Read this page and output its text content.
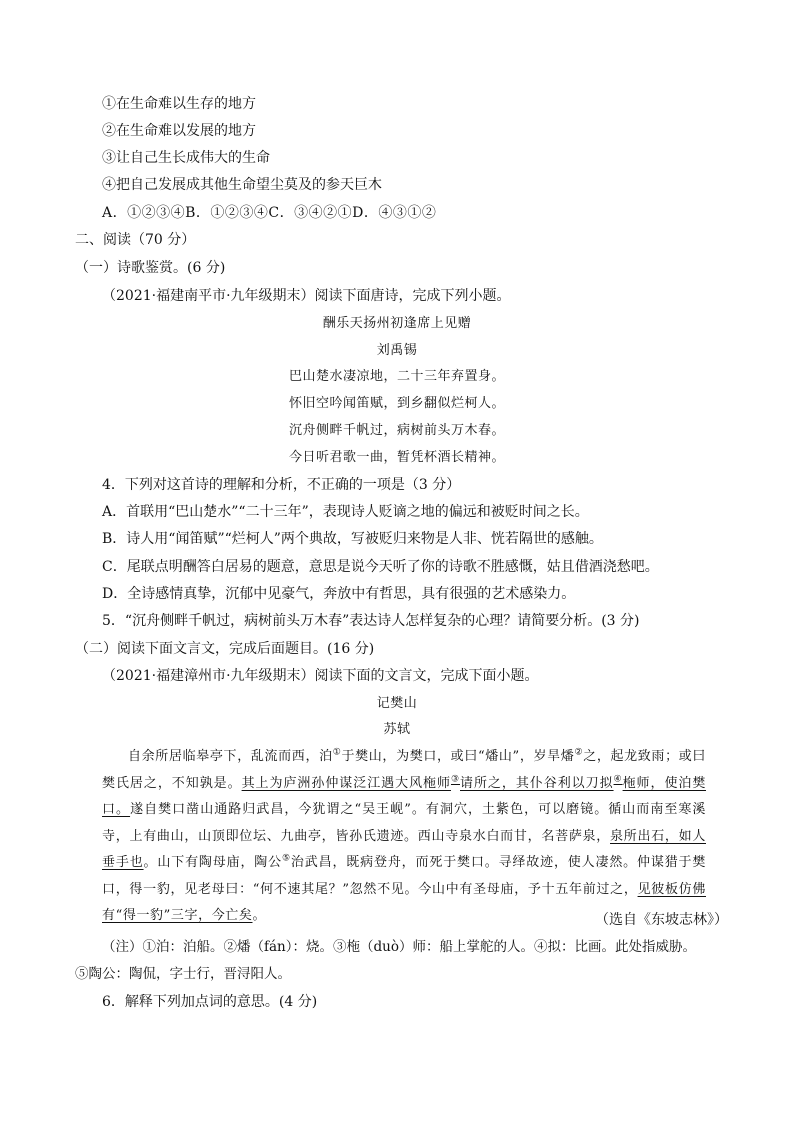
①在生命难以生存的地方
②在生命难以发展的地方
③让自己生长成伟大的生命
④把自己发展成其他生命望尘莫及的参天巨木
A．①②③④B．①②③④C．③④②①D．④③①②
二、阅读（70 分）
（一）诗歌鉴赏。(6 分)
（2021·福建南平市·九年级期末）阅读下面唐诗，完成下列小题。
酬乐天扬州初逢席上见赠
刘禹锡
巴山楚水凄凉地，二十三年弃置身。
怀旧空吟闻笛赋，到乡翻似烂柯人。
沉舟侧畔千帆过，病树前头万木春。
今日听君歌一曲，暂凭杯酒长精神。
4．下列对这首诗的理解和分析，不正确的一项是（3 分）
A．首联用“巴山楚水”“二十三年”，表现诗人贬谪之地的偏远和被贬时间之长。
B．诗人用“闻笛赋”“烂柯人”两个典故，写被贬归来物是人非、恍若隔世的感触。
C．尾联点明酬答白居易的题意，意思是说今天听了你的诗歌不胜感慨，姑且借酒浇愁吧。
D．全诗感情真挚，沉郁中见豪气，奔放中有哲思，具有很强的艺术感染力。
5．“沉舟侧畔千帆过，病树前头万木春”表达诗人怎样复杂的心理？请简要分析。(3 分)
（二）阅读下面文言文，完成后面题目。(16 分)
（2021·福建漳州市·九年级期末）阅读下面的文言文，完成下面小题。
记樊山
苏轼

自余所居临皋亭下，乱流而西，泊①于樊山，为樊口，或曰“燔山”，岁旱燔②之，起龙致雨；或曰樊氏居之，不知孰是。其上为庐洲孙仲谋泛江遇大风柂师③请所之，其仆谷利以刀拟④柂师，使泊樊口。遂自樊口凿山通路归武昌，今犹谓之“吴王岘”。有洞穴，土紫色，可以磨镜。循山而南至寒溪寺，上有曲山，山顶即位坛、九曲亭，皆孙氏遗迹。西山寺泉水白而甘，名菩萨泉，泉所出石，如人垂手也。山下有陶母庙，陶公⑤治武昌，既病登舟，而死于樊口。寻绎故迹，使人凄然。仲谋猎于樊口，得一豹，见老母曰：“何不速其尾？”忽然不见。今山中有圣母庙，予十五年前过之，见彼板仿佛有“得一豹”三字，今亡矣。	（选自《东坡志林》）
（注）①泊：泊船。②燔（fán）：烧。③柂（duò）师：船上掌舵的人。④拟：比画。此处指威胁。
⑤陶公：陶侃，字士行，晋浔阳人。
6．解释下列加点词的意思。(4 分)
